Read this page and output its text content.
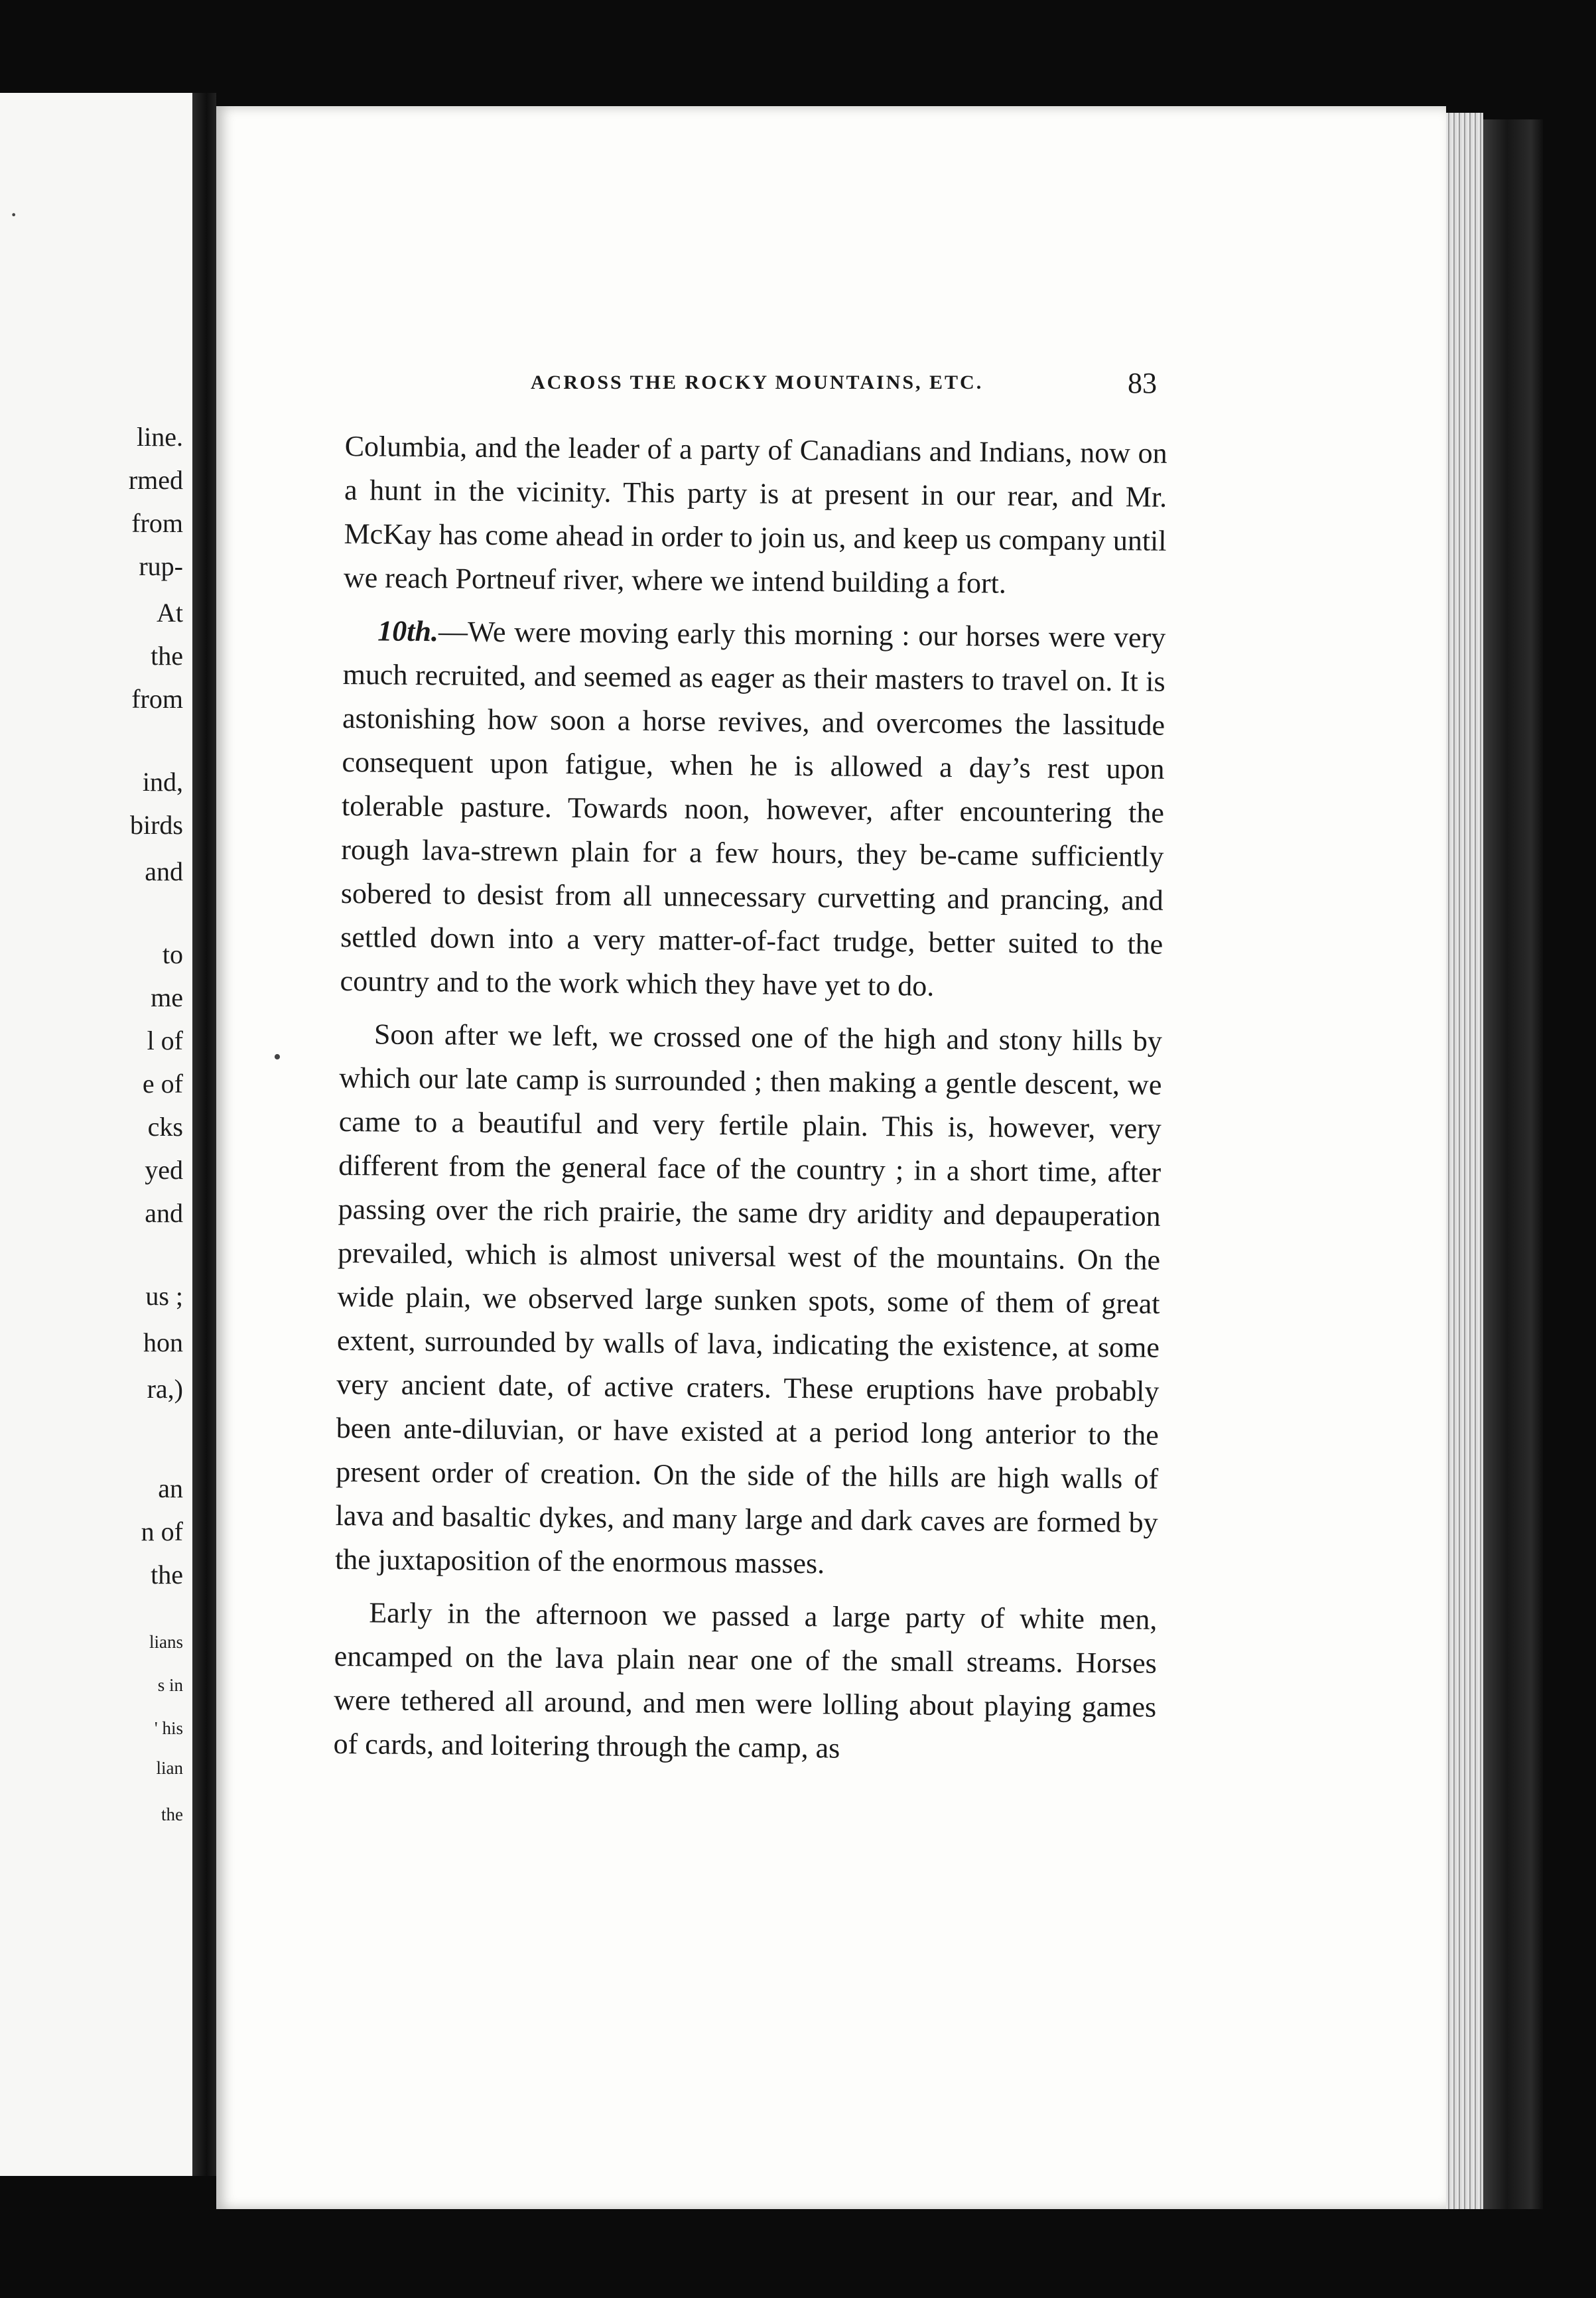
line.
rmed
from
rup-
At
the
from
ind,
birds
and
to
me
l of
e of
cks
yed
and
us ;
hon
ra,)
an
n of
the
lians
s in
' his
lian
the
ACROSS THE ROCKY MOUNTAINS, ETC.	83

Columbia, and the leader of a party of Canadians and Indians, now on a hunt in the vicinity. This party is at present in our rear, and Mr. McKay has come ahead in order to join us, and keep us company until we reach Portneuf river, where we intend building a fort.

10th.—We were moving early this morning : our horses were very much recruited, and seemed as eager as their masters to travel on. It is astonishing how soon a horse revives, and overcomes the lassitude consequent upon fatigue, when he is allowed a day’s rest upon tolerable pasture. Towards noon, however, after encountering the rough lava-strewn plain for a few hours, they be-came sufficiently sobered to desist from all unnecessary curvetting and prancing, and settled down into a very matter-of-fact trudge, better suited to the country and to the work which they have yet to do.

Soon after we left, we crossed one of the high and stony hills by which our late camp is surrounded ; then making a gentle descent, we came to a beautiful and very fertile plain. This is, however, very different from the general face of the country ; in a short time, after passing over the rich prairie, the same dry aridity and depauperation prevailed, which is almost universal west of the mountains. On the wide plain, we observed large sunken spots, some of them of great extent, surrounded by walls of lava, indicating the existence, at some very ancient date, of active craters. These eruptions have probably been ante-diluvian, or have existed at a period long anterior to the present order of creation. On the side of the hills are high walls of lava and basaltic dykes, and many large and dark caves are formed by the juxtaposition of the enormous masses.

Early in the afternoon we passed a large party of white men, encamped on the lava plain near one of the small streams. Horses were tethered all around, and men were lolling about playing games of cards, and loitering through the camp, as

·
•
